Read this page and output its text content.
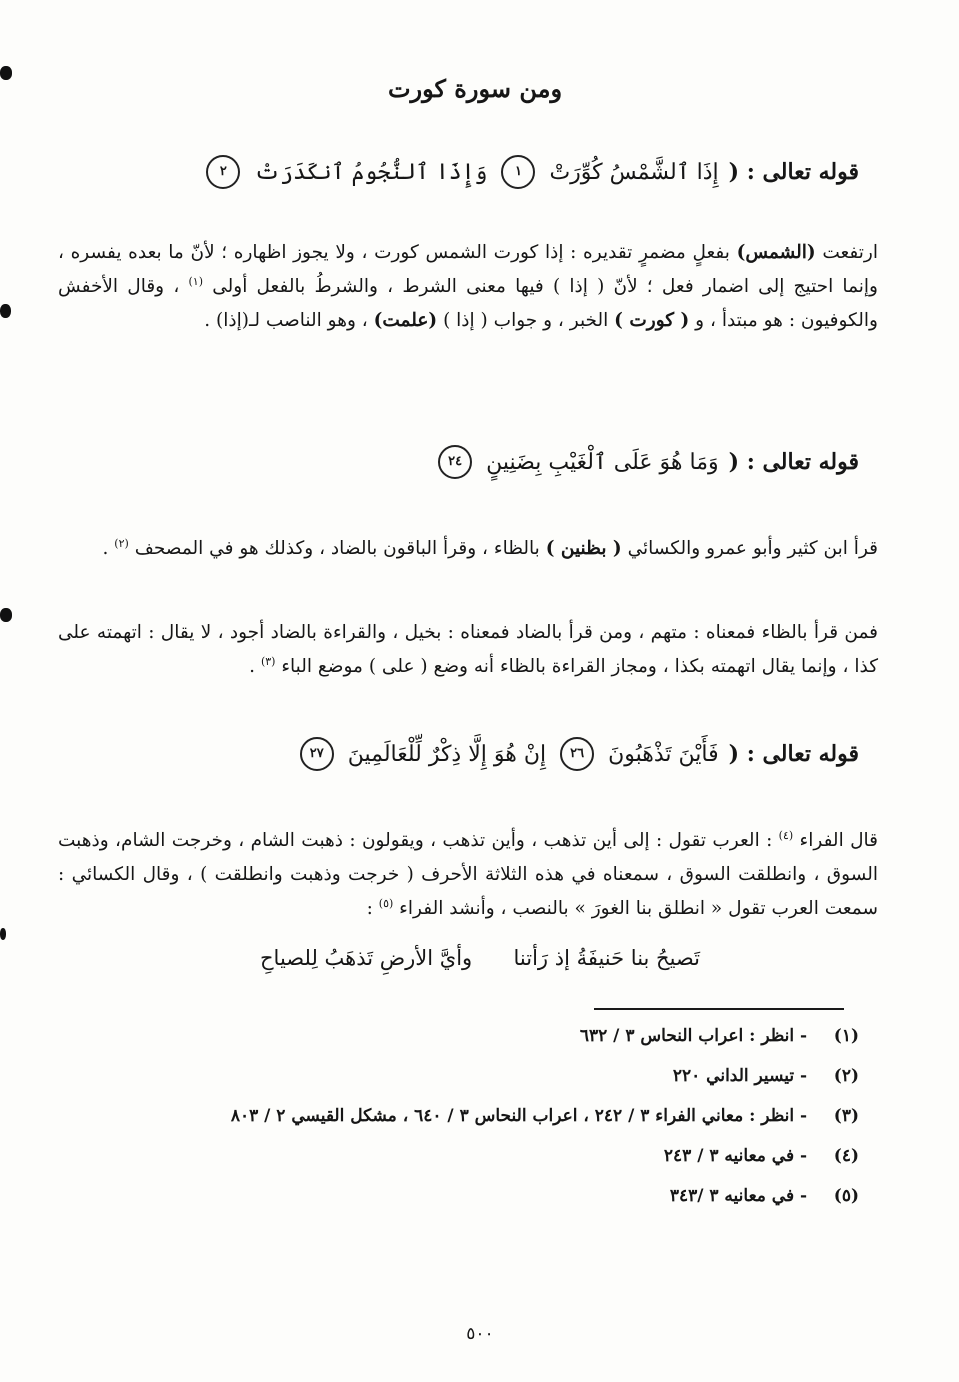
ومن سورة كورت
قوله تعالى : (
إِذَا ٱلشَّمْسُ كُوِّرَتْ
١
وَإِذَا ٱلنُّجُومُ ٱنكَدَرَتْ
٢
ارتفعت (الشمس) بفعلٍ مضمرٍ تقديره : إذا كورت الشمس كورت ، ولا يجوز اظهاره ؛ لأنّ ما بعده يفسره ، وإنما احتيج إلى اضمار فعل ؛ لأنّ ( إذا ) فيها معنى الشرط ، والشرطُ بالفعل أولى $^{(١)}$ ، وقال الأخفش والكوفيون : هو مبتدأ ، و ( كورت ) الخبر ، و جواب ( إذا ) (علمت) ، وهو الناصب لـ(إذا) .
قوله تعالى : (
وَمَا هُوَ عَلَى ٱلْغَيْبِ بِضَنِينٍ
٢٤
قرأ ابن كثير وأبو عمرو والكسائي ( بظنين ) بالظاء ، وقرأ الباقون بالضاد ، وكذلك هو في المصحف $^{(٢)}$ .
فمن قرأ بالظاء فمعناه : متهم ، ومن قرأ بالضاد فمعناه : بخيل ، والقراءة بالضاد أجود ، لا يقال : اتهمته على كذا ، وإنما يقال اتهمته بكذا ، ومجاز القراءة بالظاء أنه وضع ( على ) موضع الباء $^{(٣)}$ .
قوله تعالى : (
فَأَيْنَ تَذْهَبُونَ
٢٦
إِنْ هُوَ إِلَّا ذِكْرٌ لِّلْعَالَمِينَ
٢٧
قال الفراء $^{(٤)}$ : العرب تقول : إلى أين تذهب ، وأين تذهب ، ويقولون : ذهبت الشام ، وخرجت الشام، وذهبت السوق ، وانطلقت السوق ، سمعناه في هذه الثلاثة الأحرف ( خرجت وذهبت وانطلقت ) ، وقال الكسائي : سمعت العرب تقول « انطلق بنا الغورَ » بالنصب ، وأنشد الفراء $^{(٥)}$ :
تَصيحُ بنا حَنيفَةُ إذ رَأتنا
وأيَّ الأرضِ تَذهَبُ لِلصياحِ
(١) - انظر : اعراب النحاس ٣ / ٦٣٢
(٢) - تيسير الداني ٢٢٠
(٣) - انظر : معاني الفراء ٣ / ٢٤٢ ، اعراب النحاس ٣ / ٦٤٠ ، مشكل القيسي ٢ / ٨٠٣
(٤) - في معانيه ٣ / ٢٤٣
(٥) - في معانيه ٣ /٣٤٣
٥٠٠
